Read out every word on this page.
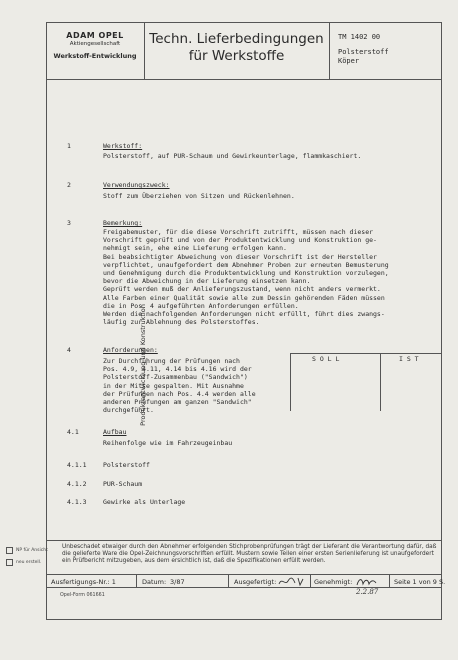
ADAM OPEL
Aktiengesellschaft
Werkstoff-Entwicklung
Techn. Lieferbedingungen
für Werkstoffe
TM 1402 00
Polsterstoff
Köper
Produktentwicklung und Konstruktion
NP für Ansicht
neu erstell.
1	Werkstoff:
Polsterstoff, auf PUR-Schaum und Gewirkeunterlage, flammkaschiert.
2	Verwendungszweck:
Stoff zum Überziehen von Sitzen und Rückenlehnen.
3	Bemerkung:
Freigabemuster, für die diese Vorschrift zutrifft, müssen nach dieser
Vorschrift geprüft und von der Produktentwicklung und Konstruktion ge-
nehmigt sein, ehe eine Lieferung erfolgen kann.
Bei beabsichtigter Abweichung von dieser Vorschrift ist der Hersteller
verpflichtet, unaufgefordert dem Abnehmer Proben zur erneuten Bemusterung
und Genehmigung durch die Produktentwicklung und Konstruktion vorzulegen,
bevor die Abweichung in der Lieferung einsetzen kann.
Geprüft werden muß der Anlieferungszustand, wenn nicht anders vermerkt.
Alle Farben einer Qualität sowie alle zum Dessin gehörenden Fäden müssen
die in Pos. 4 aufgeführten Anforderungen erfüllen.
Werden die nachfolgenden Anforderungen nicht erfüllt, führt dies zwangs-
läufig zur Ablehnung des Polsterstoffes.
4	Anforderungen:
Zur Durchführung der Prüfungen nach
Pos. 4.9, 4.11, 4.14 bis 4.16 wird der
Polsterstoff-Zusammenbau ("Sandwich")
in der Mitte gespalten. Mit Ausnahme
der Prüfungen nach Pos. 4.4 werden alle
anderen Prüfungen am ganzen "Sandwich"
durchgeführt.
S O L L	I S T
4.1	Aufbau
Reihenfolge wie im Fahrzeugeinbau
4.1.1	Polsterstoff
4.1.2	PUR-Schaum
4.1.3	Gewirke als Unterlage
Unbeschadet etwaiger durch den Abnehmer erfolgenden Stichprobenprüfungen trägt der Lieferant die Verantwortung dafür, daß die gelieferte Ware die Opel-Zeichnungsvorschriften erfüllt. Mustern sowie Teilen einer ersten Serienlieferung ist unaufgefordert ein Prüfbericht mitzugeben, aus dem ersichtlich ist, daß die Spezifikationen erfüllt werden.
Ausfertigungs-Nr.: 1	Datum: 3/87	Ausgefertigt:	Genehmigt:	Seite 1 von 9 S.
2.2.87
Opel-Form 061661
